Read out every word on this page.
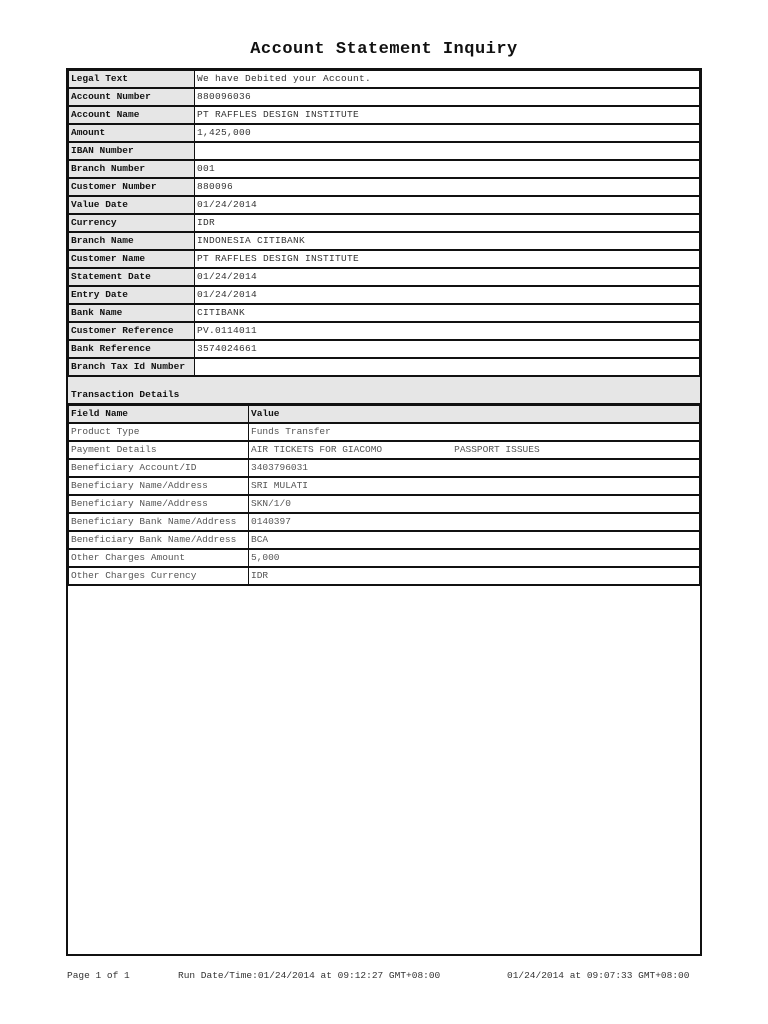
Account Statement Inquiry
Legal Text	We have Debited your Account.
Account Number	880096036
Account Name	PT RAFFLES DESIGN INSTITUTE
Amount	1,425,000
IBAN Number	
Branch Number	001
Customer Number	880096
Value Date	01/24/2014
Currency	IDR
Branch Name	INDONESIA CITIBANK
Customer Name	PT RAFFLES DESIGN INSTITUTE
Statement Date	01/24/2014
Entry Date	01/24/2014
Bank Name	CITIBANK
Customer Reference	PV.0114011
Bank Reference	3574024661
Branch Tax Id Number	
Transaction Details
Field Name	Value
Product Type	Funds Transfer
Payment Details	AIR TICKETS FOR GIACOMO PASSPORT ISSUES
Beneficiary Account/ID	3403796031
Beneficiary Name/Address	SRI MULATI
Beneficiary Name/Address	SKN/1/0
Beneficiary Bank Name/Address	0140397
Beneficiary Bank Name/Address	BCA
Other Charges Amount	5,000
Other Charges Currency	IDR
Page 1 of 1	Run Date/Time:01/24/2014 at 09:12:27 GMT+08:00	01/24/2014 at 09:07:33 GMT+08:00
